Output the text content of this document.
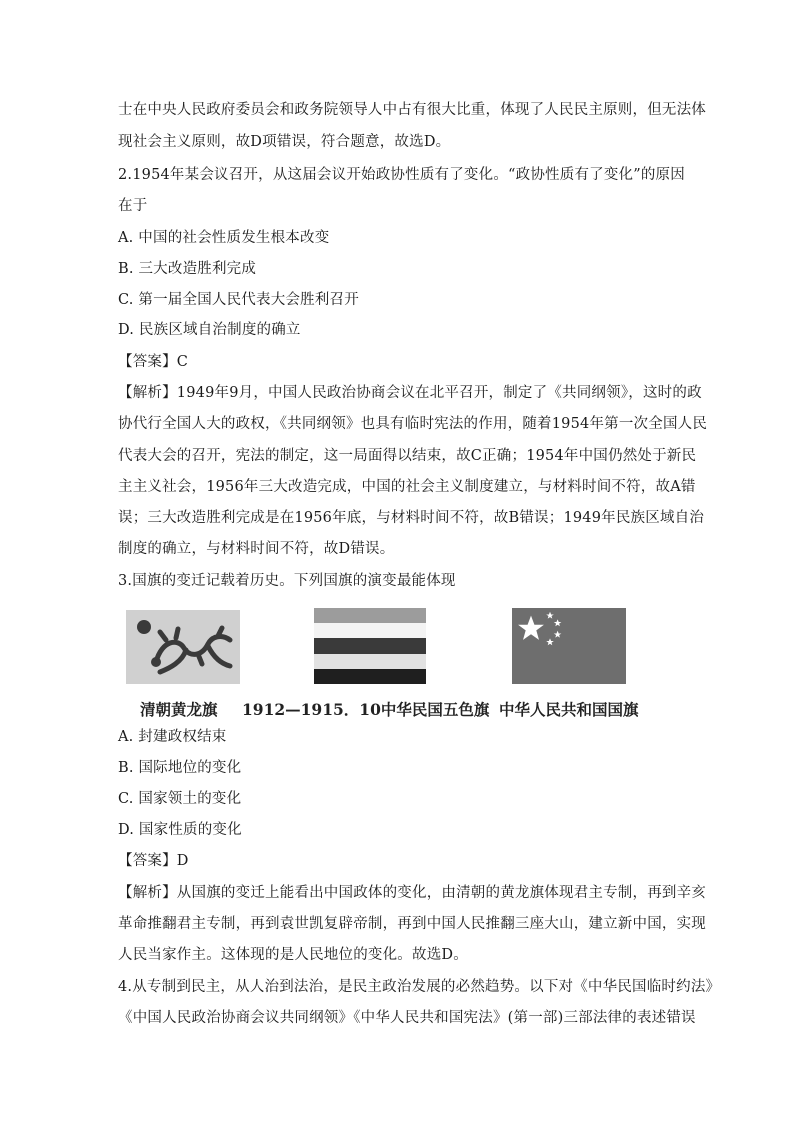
士在中央人民政府委员会和政务院领导人中占有很大比重，体现了人民民主原则，但无法体
现社会主义原则，故D项错误，符合题意，故选D。
2.1954年某会议召开，从这届会议开始政协性质有了变化。“政协性质有了变化”的原因
在于
A. 中国的社会性质发生根本改变
B. 三大改造胜利完成
C. 第一届全国人民代表大会胜利召开
D. 民族区域自治制度的确立
【答案】C
【解析】1949年9月，中国人民政治协商会议在北平召开，制定了《共同纲领》，这时的政
协代行全国人大的政权，《共同纲领》也具有临时宪法的作用，随着1954年第一次全国人民
代表大会的召开，宪法的制定，这一局面得以结束，故C正确；1954年中国仍然处于新民
主主义社会，1956年三大改造完成，中国的社会主义制度建立，与材料时间不符，故A错
误；三大改造胜利完成是在1956年底，与材料时间不符，故B错误；1949年民族区域自治
制度的确立，与材料时间不符，故D错误。
3.国旗的变迁记载着历史。下列国旗的演变最能体现
清朝黄龙旗 1912—1915．10中华民国五色旗 中华人民共和国国旗
A. 封建政权结束
B. 国际地位的变化
C. 国家领土的变化
D. 国家性质的变化
【答案】D
【解析】从国旗的变迁上能看出中国政体的变化，由清朝的黄龙旗体现君主专制，再到辛亥
革命推翻君主专制，再到袁世凯复辟帝制，再到中国人民推翻三座大山，建立新中国，实现
人民当家作主。这体现的是人民地位的变化。故选D。
4.从专制到民主，从人治到法治，是民主政治发展的必然趋势。以下对《中华民国临时约法》
《中国人民政治协商会议共同纲领》《中华人民共和国宪法》(第一部)三部法律的表述错误
